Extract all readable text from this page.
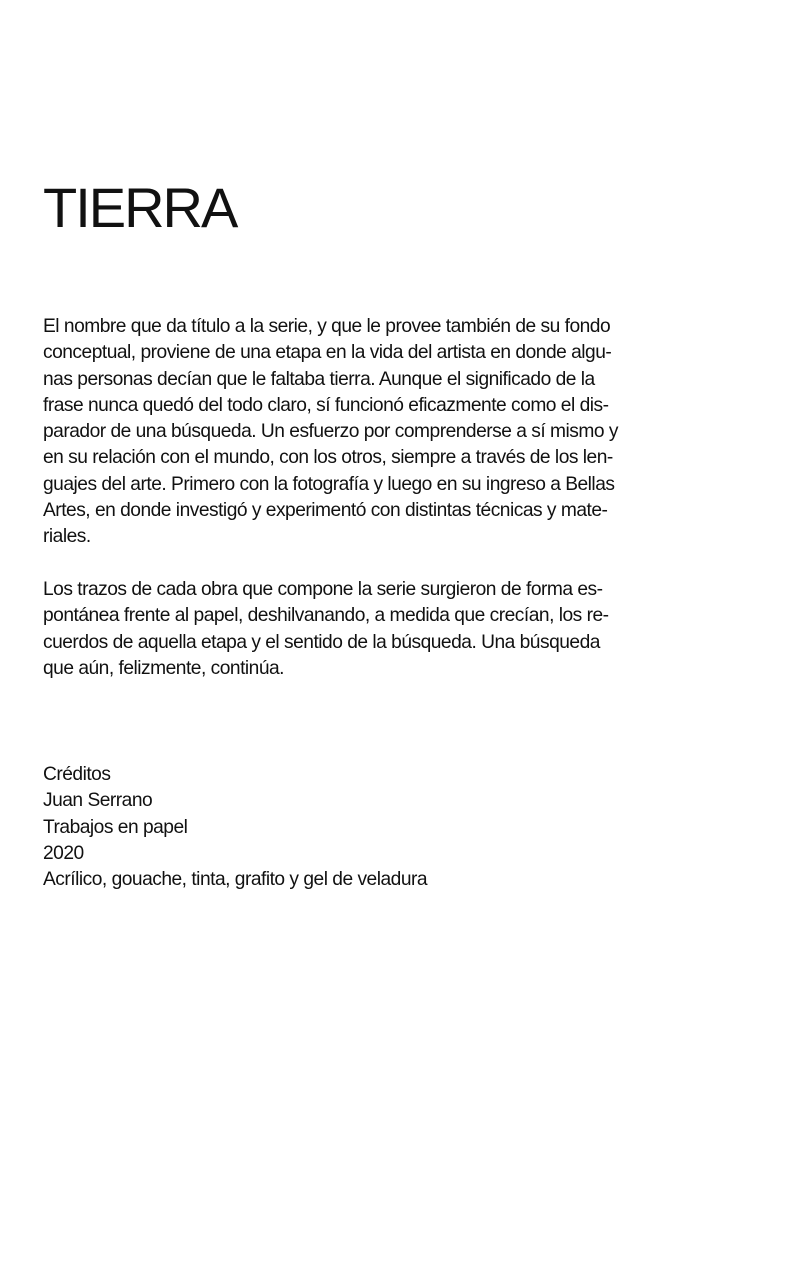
TIERRA

El nombre que da título a la serie, y que le provee también de su fondo
conceptual, proviene de una etapa en la vida del artista en donde algu-
nas personas decían que le faltaba tierra. Aunque el significado de la
frase nunca quedó del todo claro, sí funcionó eficazmente como el dis-
parador de una búsqueda. Un esfuerzo por comprenderse a sí mismo y
en su relación con el mundo, con los otros, siempre a través de los len-
guajes del arte. Primero con la fotografía y luego en su ingreso a Bellas
Artes, en donde investigó y experimentó con distintas técnicas y mate-
riales.

Los trazos de cada obra que compone la serie surgieron de forma es-
pontánea frente al papel, deshilvanando, a medida que crecían, los re-
cuerdos de aquella etapa y el sentido de la búsqueda. Una búsqueda
que aún, felizmente, continúa.

Créditos
Juan Serrano
Trabajos en papel
2020
Acrílico, gouache, tinta, grafito y gel de veladura
